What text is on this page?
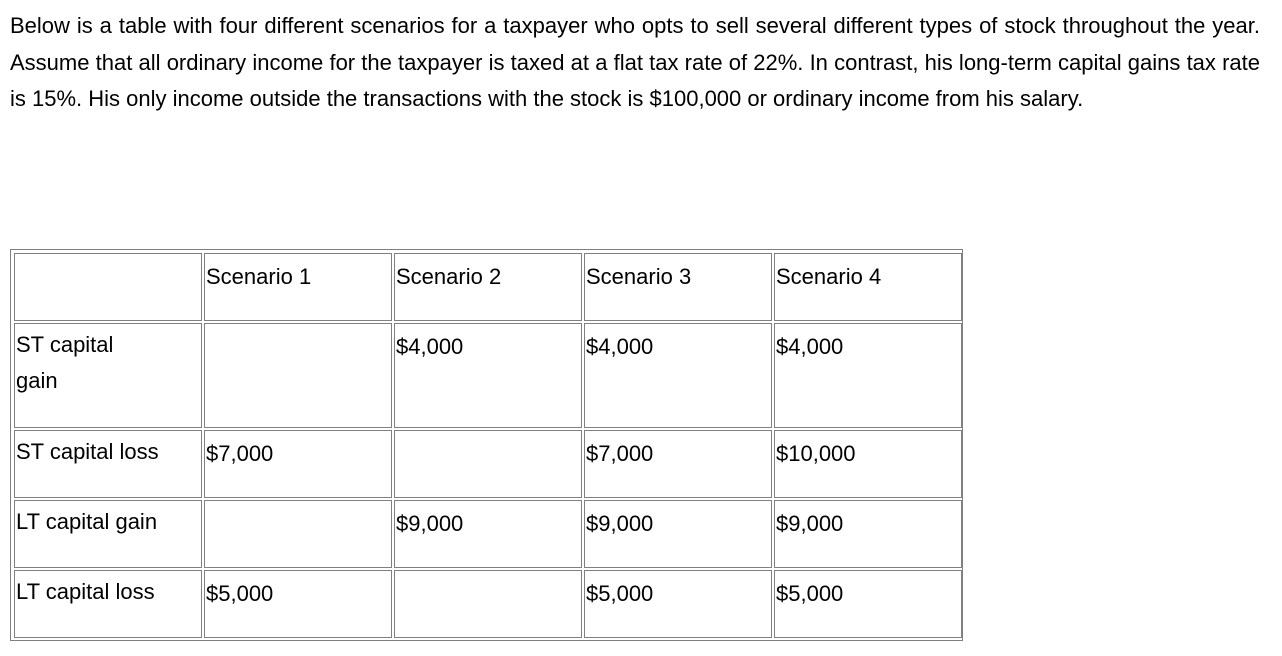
Below is a table with four different scenarios for a taxpayer who opts to sell several different types of stock throughout the year. Assume that all ordinary income for the taxpayer is taxed at a flat tax rate of 22%. In contrast, his long-term capital gains tax rate is 15%. His only income outside the transactions with the stock is $100,000 or ordinary income from his salary.

	Scenario 1	Scenario 2	Scenario 3	Scenario 4
ST capital gain		$4,000	$4,000	$4,000
ST capital loss	$7,000		$7,000	$10,000
LT capital gain		$9,000	$9,000	$9,000
LT capital loss	$5,000		$5,000	$5,000
